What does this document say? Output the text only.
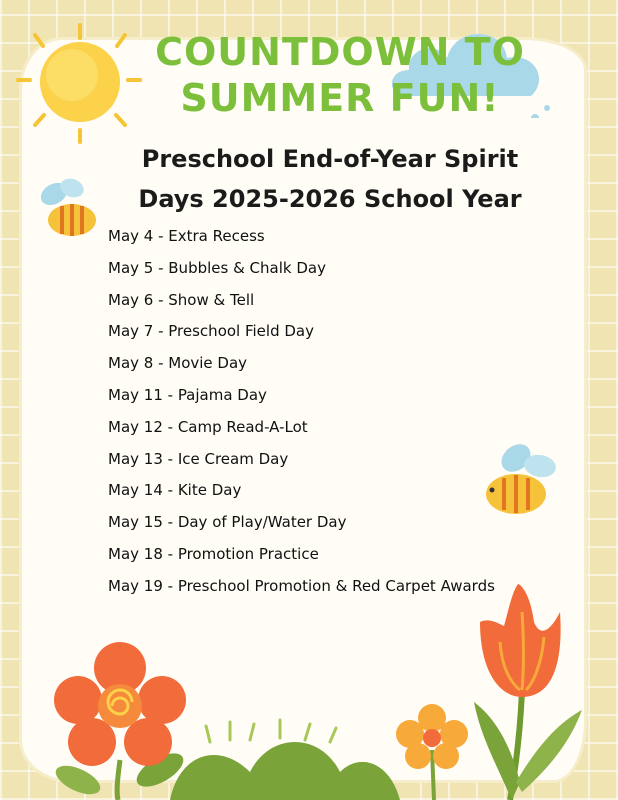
COUNTDOWN TO
SUMMER FUN!
Preschool End-of-Year Spirit
Days 2025-2026 School Year
May 4 - Extra Recess
May 5 - Bubbles & Chalk Day
May 6 - Show & Tell
May 7 - Preschool Field Day
May 8 - Movie Day
May 11 - Pajama Day
May 12 - Camp Read-A-Lot
May 13 - Ice Cream Day
May 14 - Kite Day
May 15 - Day of Play/Water Day
May 18 - Promotion Practice
May 19 - Preschool Promotion & Red Carpet Awards
